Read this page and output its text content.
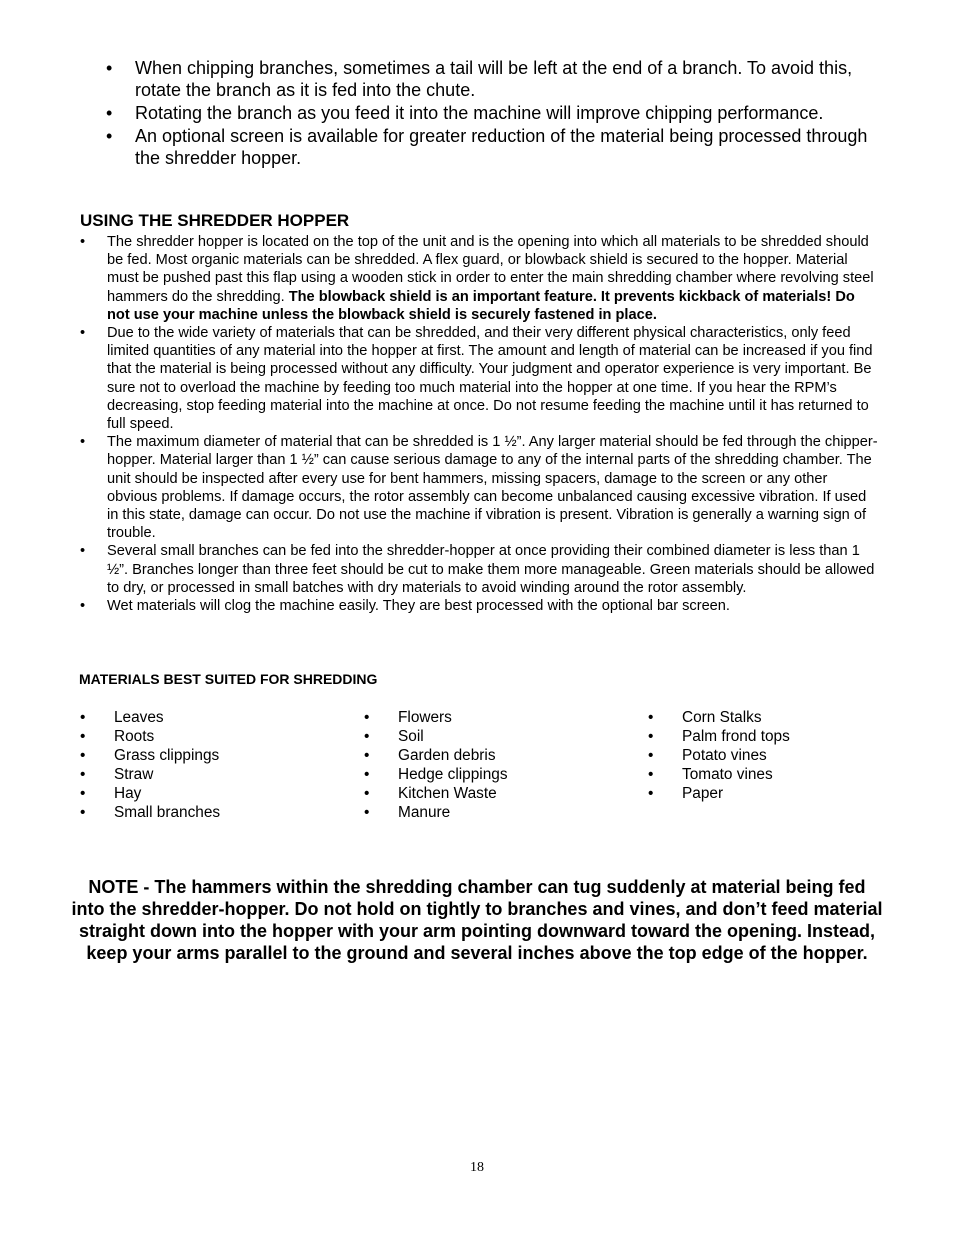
• When chipping branches, sometimes a tail will be left at the end of a branch. To avoid this, rotate the branch as it is fed into the chute.
• Rotating the branch as you feed it into the machine will improve chipping performance.
• An optional screen is available for greater reduction of the material being processed through the shredder hopper.
USING THE SHREDDER HOPPER
• The shredder hopper is located on the top of the unit and is the opening into which all materials to be shredded should be fed. Most organic materials can be shredded. A flex guard, or blowback shield is secured to the hopper. Material must be pushed past this flap using a wooden stick in order to enter the main shredding chamber where revolving steel hammers do the shredding. The blowback shield is an important feature. It prevents kickback of materials! Do not use your machine unless the blowback shield is securely fastened in place.
• Due to the wide variety of materials that can be shredded, and their very different physical characteristics, only feed limited quantities of any material into the hopper at first. The amount and length of material can be increased if you find that the material is being processed without any difficulty. Your judgment and operator experience is very important. Be sure not to overload the machine by feeding too much material into the hopper at one time. If you hear the RPM’s decreasing, stop feeding material into the machine at once. Do not resume feeding the machine until it has returned to full speed.
• The maximum diameter of material that can be shredded is 1 ½”. Any larger material should be fed through the chipper-hopper. Material larger than 1 ½” can cause serious damage to any of the internal parts of the shredding chamber. The unit should be inspected after every use for bent hammers, missing spacers, damage to the screen or any other obvious problems. If damage occurs, the rotor assembly can become unbalanced causing excessive vibration. If used in this state, damage can occur. Do not use the machine if vibration is present. Vibration is generally a warning sign of trouble.
• Several small branches can be fed into the shredder-hopper at once providing their combined diameter is less than 1 ½”. Branches longer than three feet should be cut to make them more manageable. Green materials should be allowed to dry, or processed in small batches with dry materials to avoid winding around the rotor assembly.
• Wet materials will clog the machine easily. They are best processed with the optional bar screen.
MATERIALS BEST SUITED FOR SHREDDING
• Leaves
• Roots
• Grass clippings
• Straw
• Hay
• Small branches
• Flowers
• Soil
• Garden debris
• Hedge clippings
• Kitchen Waste
• Manure
• Corn Stalks
• Palm frond tops
• Potato vines
• Tomato vines
• Paper
NOTE - The hammers within the shredding chamber can tug suddenly at material being fed into the shredder-hopper. Do not hold on tightly to branches and vines, and don’t feed material straight down into the hopper with your arm pointing downward toward the opening. Instead, keep your arms parallel to the ground and several inches above the top edge of the hopper.
18
